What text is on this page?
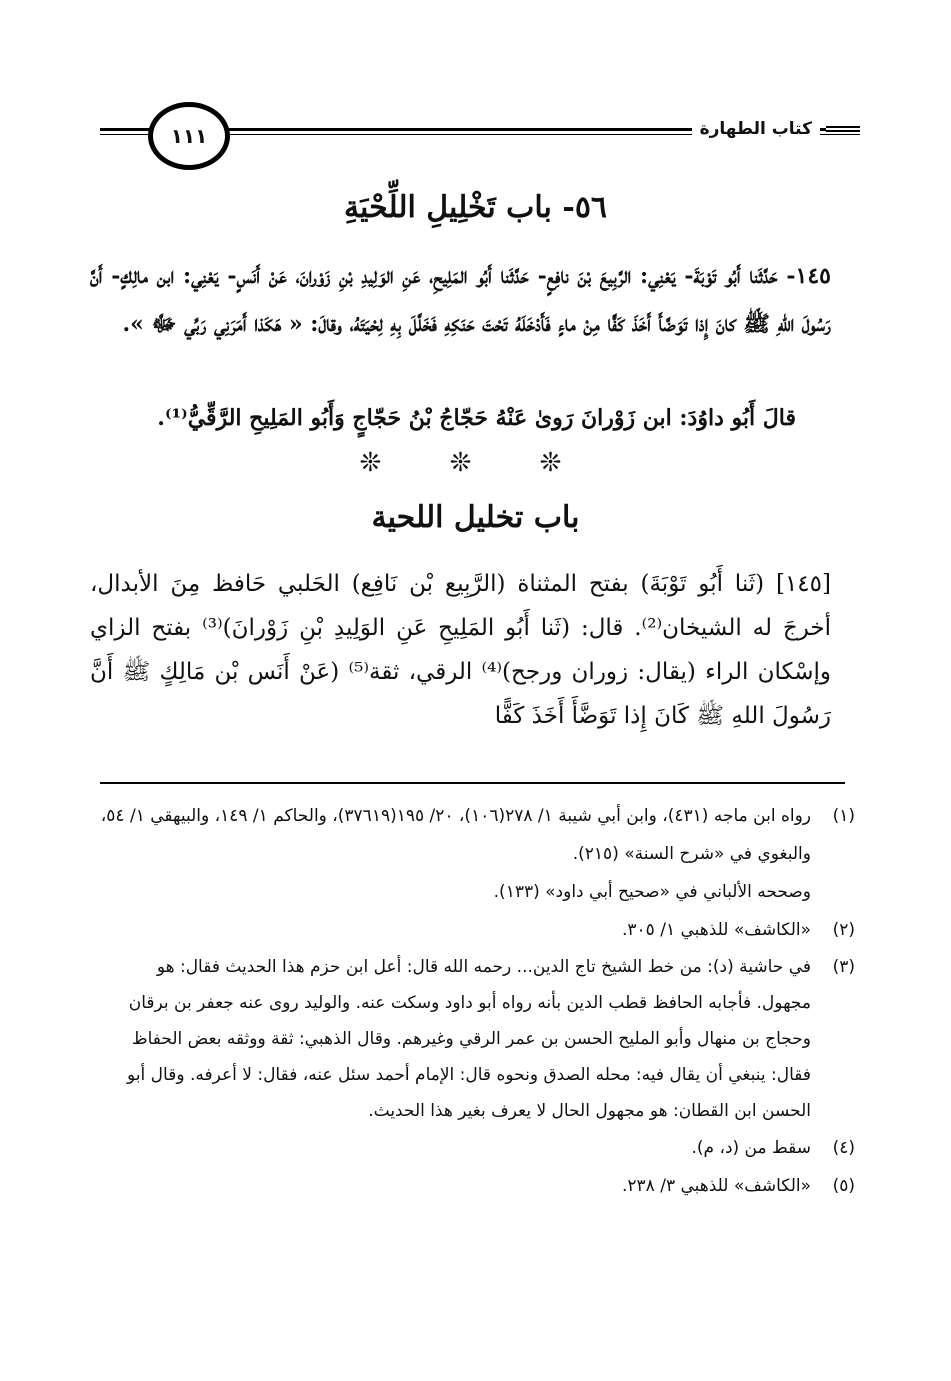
كتاب الطهارة
١١١
٥٦- باب تَخْلِيلِ اللِّحْيَةِ
١٤٥- حَدَّثَنا أَبُو تَوْبَةَ- يَعْنِي: الرَّبِيعَ بْنَ نافِعٍ- حَدَّثَنا أَبُو المَلِيحِ، عَنِ الوَلِيدِ بْنِ زَوْرانَ، عَنْ أَنَسٍ- يَعْنِي: ابن مالِكٍ- أَنَّ رَسُولَ اللهِ ﷺ كانَ إِذا تَوَضَّأَ أَخَذَ كَفًّا مِنْ ماءٍ فَأَدْخَلَهُ تَحْتَ حَنَكِهِ فَخَلَّلَ بِهِ لِحْيَتَهُ، وقالَ: « هَكَذا أَمَرَنِي رَبِّي ﷻ ».
قالَ أَبُو داوُدَ: ابن زَوْرانَ رَوىٰ عَنْهُ حَجّاجُ بْنُ حَجّاجٍ وَأَبُو المَلِيحِ الرَّقِّيُّ⁽¹⁾.
❊ ❊ ❊
باب تخليل اللحية
[١٤٥] (ثَنا أَبُو تَوْبَةَ) بفتح المثناة (الرَّبِيع بْن نَافِع) الحَلبي حَافظ مِنَ الأبدال، أخرجَ له الشيخان⁽²⁾. قال: (ثَنا أَبُو المَلِيحِ عَنِ الوَلِيدِ بْنِ زَوْرانَ)⁽³⁾ بفتح الزاي وإسْكان الراء (يقال: زوران ورجح)⁽⁴⁾ الرقي، ثقة⁽⁵⁾ (عَنْ أَنَس بْن مَالِكٍ ﷺ أَنَّ رَسُولَ اللهِ ﷺ كَانَ إِذا تَوَضَّأَ أَخَذَ كَفًّا
(١)
رواه ابن ماجه (٤٣١)، وابن أبي شيبة ١/ ٢٧٨(١٠٦)، ٢٠/ ١٩٥(٣٧٦١٩)، والحاكم ١/ ١٤٩، والبيهقي ١/ ٥٤، والبغوي في «شرح السنة» (٢١٥).
وصححه الألباني في «صحيح أبي داود» (١٣٣).
(٢)
«الكاشف» للذهبي ١/ ٣٠٥.
(٣)
في حاشية (د): من خط الشيخ تاج الدين... رحمه الله قال: أعل ابن حزم هذا الحديث فقال: هو مجهول. فأجابه الحافظ قطب الدين بأنه رواه أبو داود وسكت عنه. والوليد روى عنه جعفر بن برقان وحجاج بن منهال وأبو المليح الحسن بن عمر الرقي وغيرهم. وقال الذهبي: ثقة ووثقه بعض الحفاظ فقال: ينبغي أن يقال فيه: محله الصدق ونحوه قال: الإمام أحمد سئل عنه، فقال: لا أعرفه. وقال أبو الحسن ابن القطان: هو مجهول الحال لا يعرف بغير هذا الحديث.
(٤)
سقط من (د، م).
(٥)
«الكاشف» للذهبي ٣/ ٢٣٨.
